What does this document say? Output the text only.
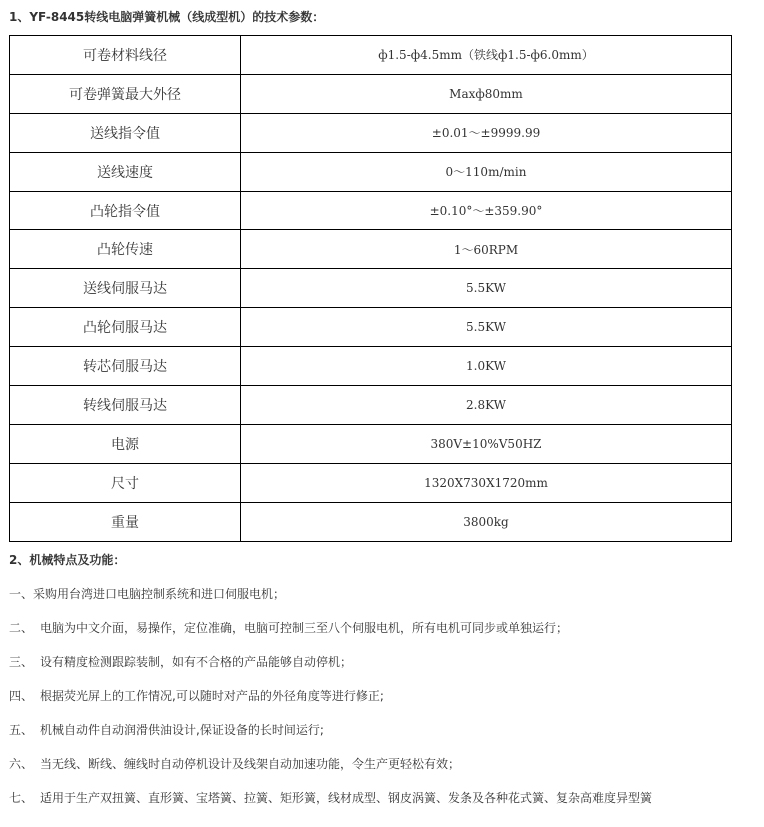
1、YF-8445转线电脑弹簧机械（线成型机）的技术参数：
可卷材料线径	ф1.5-ф4.5mm（铁线ф1.5-ф6.0mm）
可卷弹簧最大外径	Maxф80mm
送线指令值	±0.01～±9999.99
送线速度	0～110m/min
凸轮指令值	±0.10°～±359.90°
凸轮传速	1～60RPM
送线伺服马达	5.5KW
凸轮伺服马达	5.5KW
转芯伺服马达	1.0KW
转线伺服马达	2.8KW
电源	380V±10%V50HZ
尺寸	1320X730X1720mm
重量	3800kg
2、机械特点及功能：
一、 采购用台湾进口电脑控制系统和进口伺服电机；
二、 电脑为中文介面，易操作，定位准确，电脑可控制三至八个伺服电机，所有电机可同步或单独运行；
三、 设有精度检测跟踪装制，如有不合格的产品能够自动停机；
四、 根据荧光屏上的工作情况,可以随时对产品的外径角度等进行修正;
五、 机械自动件自动润滑供油设计,保证设备的长时间运行;
六、 当无线、断线、缠线时自动停机设计及线架自动加速功能，令生产更轻松有效；
七、 适用于生产双扭簧、直形簧、宝塔簧、拉簧、矩形簧，线材成型、钢皮涡簧、发条及各种花式簧、复杂高难度异型簧
